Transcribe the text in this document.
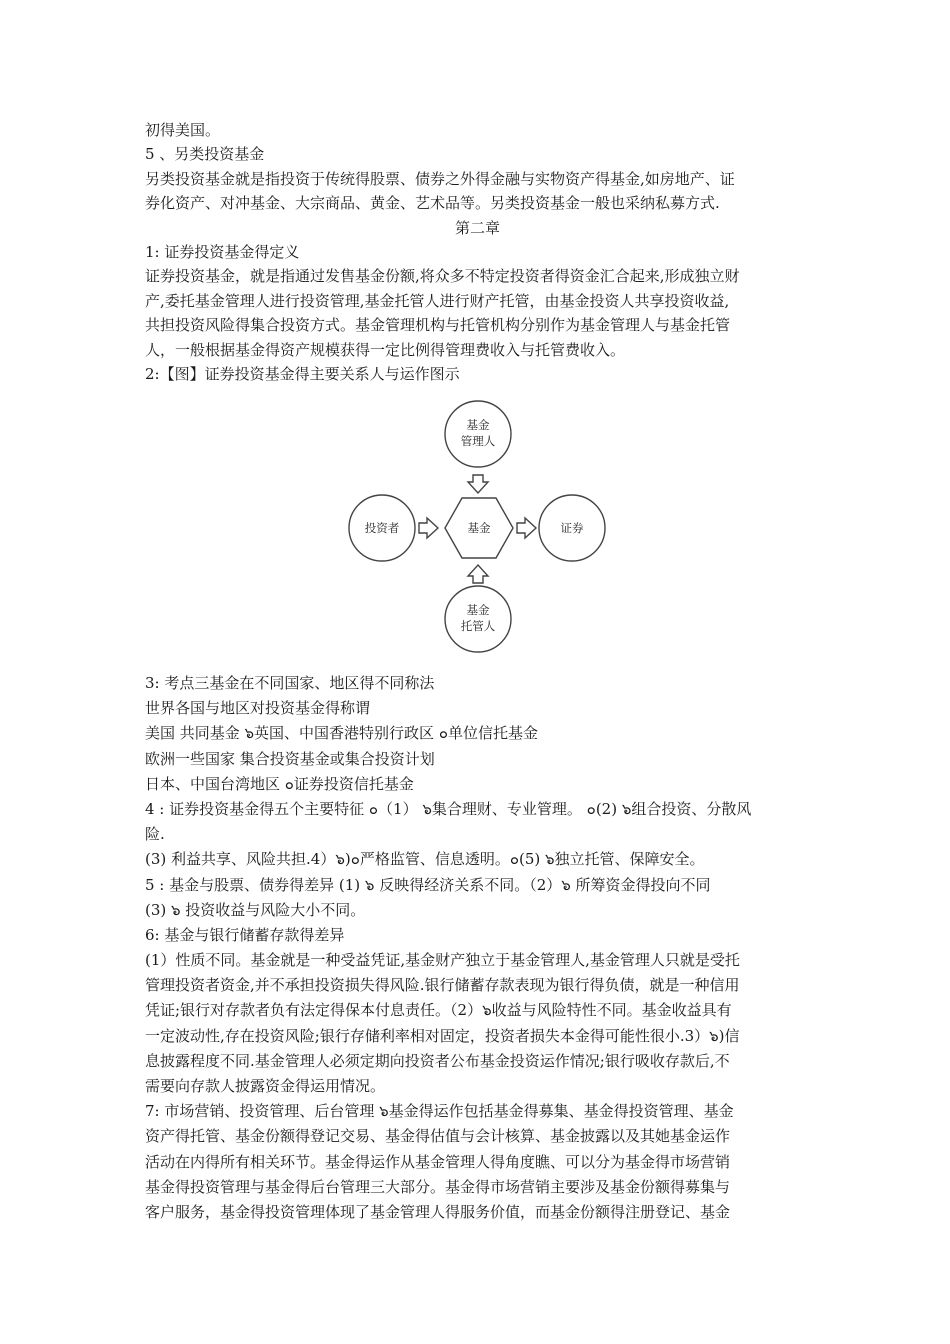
初得美国。
5 、另类投资基金
另类投资基金就是指投资于传统得股票、债券之外得金融与实物资产得基金,如房地产、证
券化资产、对冲基金、大宗商品、黄金、艺术品等。另类投资基金一般也采纳私募方式.
第二章
1: 证券投资基金得定义
证券投资基金，就是指通过发售基金份额,将众多不特定投资者得资金汇合起来,形成独立财
产,委托基金管理人进行投资管理,基金托管人进行财产托管，由基金投资人共享投资收益,
共担投资风险得集合投资方式。基金管理机构与托管机构分别作为基金管理人与基金托管
人，一般根据基金得资产规模获得一定比例得管理费收入与托管费收入。
2:【图】证券投资基金得主要关系人与运作图示
基金
管理人
投资者	基金	证券
基金
托管人
3: 考点三基金在不同国家、地区得不同称法
世界各国与地区对投资基金得称谓
美国 共同基金 ๖英国、中国香港特别行政区 ๐单位信托基金
欧洲一些国家 集合投资基金或集合投资计划
日本、中国台湾地区 ๐证券投资信托基金
4 : 证券投资基金得五个主要特征 ๐（1） ๖集合理财、专业管理。 ๐(2) ๖组合投资、分散风
险.
(3) 利益共享、风险共担.4）๖)๐严格监管、信息透明。๐(5) ๖独立托管、保障安全。
5 : 基金与股票、债券得差异 (1) ๖ 反映得经济关系不同。（2）๖ 所筹资金得投向不同
(3) ๖ 投资收益与风险大小不同。
6: 基金与银行储蓄存款得差异
(1）性质不同。基金就是一种受益凭证,基金财产独立于基金管理人,基金管理人只就是受托
管理投资者资金,并不承担投资损失得风险.银行储蓄存款表现为银行得负债，就是一种信用
凭证;银行对存款者负有法定得保本付息责任。（2）๖收益与风险特性不同。基金收益具有
一定波动性,存在投资风险;银行存储利率相对固定，投资者损失本金得可能性很小.3）๖)信
息披露程度不同.基金管理人必须定期向投资者公布基金投资运作情况;银行吸收存款后,不
需要向存款人披露资金得运用情况。
7: 市场营销、投资管理、后台管理 ๖基金得运作包括基金得募集、基金得投资管理、基金
资产得托管、基金份额得登记交易、基金得估值与会计核算、基金披露以及其她基金运作
活动在内得所有相关环节。基金得运作从基金管理人得角度瞧、可以分为基金得市场营销
基金得投资管理与基金得后台管理三大部分。基金得市场营销主要涉及基金份额得募集与
客户服务，基金得投资管理体现了基金管理人得服务价值，而基金份额得注册登记、基金
